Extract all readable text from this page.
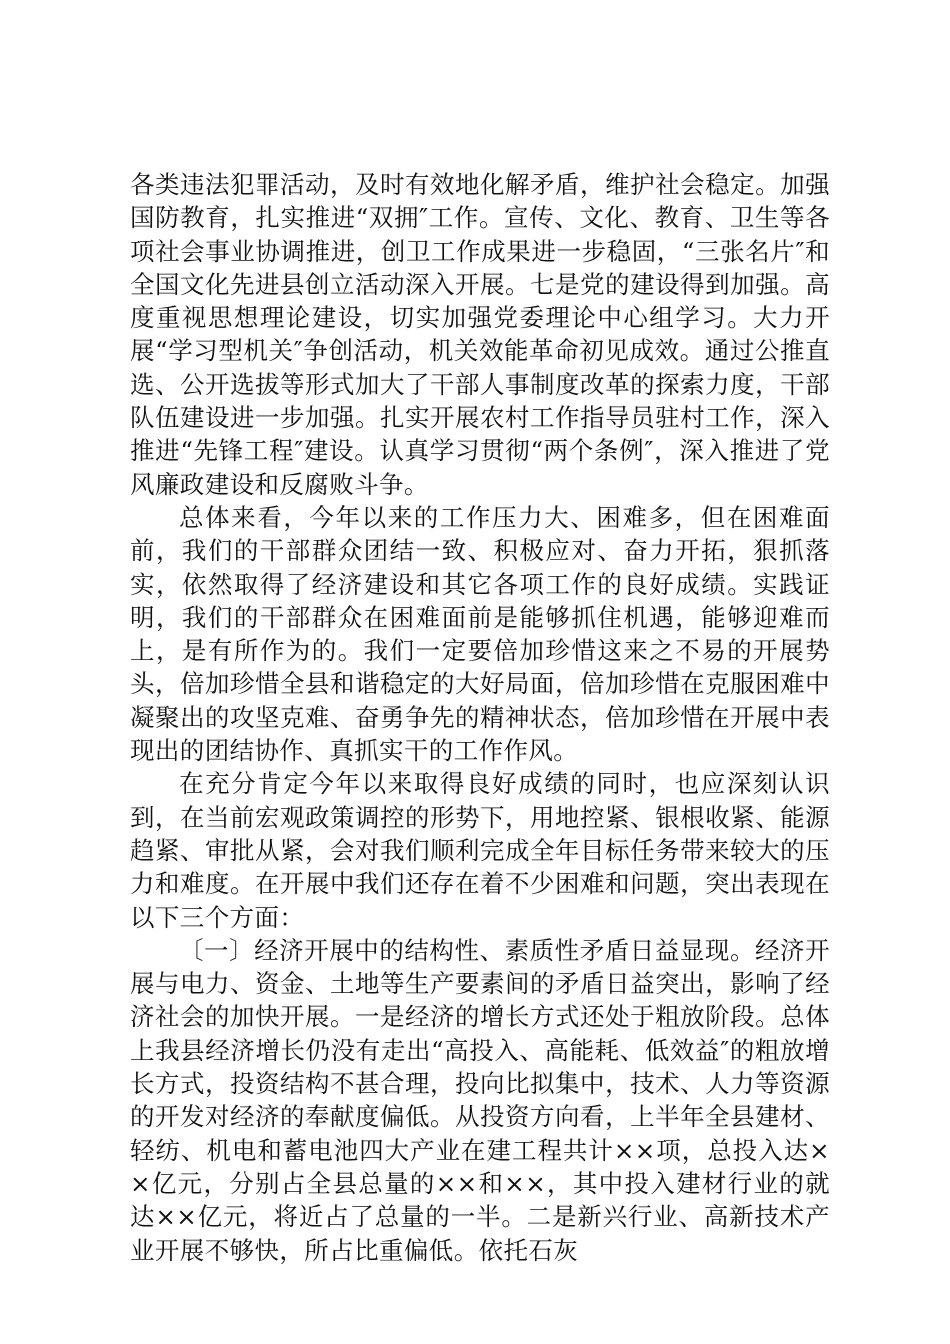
各类违法犯罪活动，及时有效地化解矛盾，维护社会稳定。加强国防教育，扎实推进“双拥″工作。宣传、文化、教育、卫生等各项社会事业协调推进，创卫工作成果进一步稳固，“三张名片″和全国文化先进县创立活动深入开展。七是党的建设得到加强。高度重视思想理论建设，切实加强党委理论中心组学习。大力开展“学习型机关″争创活动，机关效能革命初见成效。通过公推直选、公开选拔等形式加大了干部人事制度改革的探索力度，干部队伍建设进一步加强。扎实开展农村工作指导员驻村工作，深入推进“先锋工程″建设。认真学习贯彻“两个条例″，深入推进了党风廉政建设和反腐败斗争。

总体来看，今年以来的工作压力大、困难多，但在困难面前，我们的干部群众团结一致、积极应对、奋力开拓，狠抓落实，依然取得了经济建设和其它各项工作的良好成绩。实践证明，我们的干部群众在困难面前是能够抓住机遇，能够迎难而上，是有所作为的。我们一定要倍加珍惜这来之不易的开展势头，倍加珍惜全县和谐稳定的大好局面，倍加珍惜在克服困难中凝聚出的攻坚克难、奋勇争先的精神状态，倍加珍惜在开展中表现出的团结协作、真抓实干的工作作风。

在充分肯定今年以来取得良好成绩的同时，也应深刻认识到，在当前宏观政策调控的形势下，用地控紧、银根收紧、能源趋紧、审批从紧，会对我们顺利完成全年目标任务带来较大的压力和难度。在开展中我们还存在着不少困难和问题，突出表现在以下三个方面：

〔一〕经济开展中的结构性、素质性矛盾日益显现。经济开展与电力、资金、土地等生产要素间的矛盾日益突出，影响了经济社会的加快开展。一是经济的增长方式还处于粗放阶段。总体上我县经济增长仍没有走出“高投入、高能耗、低效益″的粗放增长方式，投资结构不甚合理，投向比拟集中，技术、人力等资源的开发对经济的奉献度偏低。从投资方向看，上半年全县建材、轻纺、机电和蓄电池四大产业在建工程共计××项，总投入达××亿元，分别占全县总量的××和××，其中投入建材行业的就达××亿元，将近占了总量的一半。二是新兴行业、高新技术产业开展不够快，所占比重偏低。依托石灰
